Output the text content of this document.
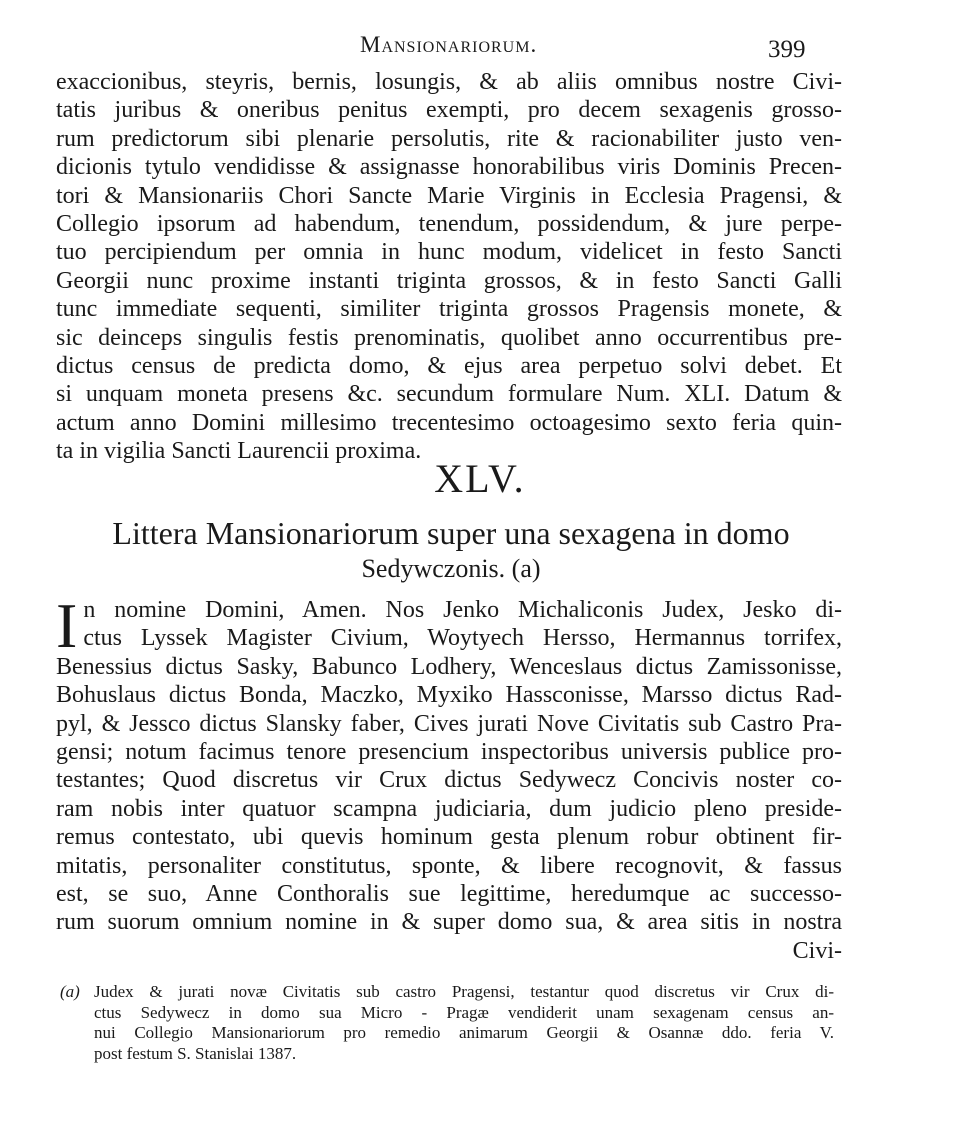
Mansionariorum.	399
exaccionibus, steyris, bernis, losungis, & ab aliis omnibus nostre Civi-
tatis juribus & oneribus penitus exempti, pro decem sexagenis grosso-
rum predictorum sibi plenarie persolutis, rite & racionabiliter justo ven-
dicionis tytulo vendidisse & assignasse honorabilibus viris Dominis Precen-
tori & Mansionariis Chori Sancte Marie Virginis in Ecclesia Pragensi, &
Collegio ipsorum ad habendum, tenendum, possidendum, & jure perpe-
tuo percipiendum per omnia in hunc modum, videlicet in festo Sancti
Georgii nunc proxime instanti triginta grossos, & in festo Sancti Galli
tunc immediate sequenti, similiter triginta grossos Pragensis monete, &
sic deinceps singulis festis prenominatis, quolibet anno occurrentibus pre-
dictus census de predicta domo, & ejus area perpetuo solvi debet. Et
si unquam moneta presens &c. secundum formulare Num. XLI. Datum &
actum anno Domini millesimo trecentesimo octoagesimo sexto feria quin-
ta in vigilia Sancti Laurencii proxima.
XLV.
Littera Mansionariorum super una sexagena in domo
Sedywczonis. (a)
I n nomine Domini, Amen. Nos Jenko Michaliconis Judex, Jesko di-
ctus Lyssek Magister Civium, Woytyech Hersso, Hermannus torrifex,
Benessius dictus Sasky, Babunco Lodhery, Wenceslaus dictus Zamissonisse,
Bohuslaus dictus Bonda, Maczko, Myxiko Hassconisse, Marsso dictus Rad-
pyl, & Jessco dictus Slansky faber, Cives jurati Nove Civitatis sub Castro Pra-
gensi; notum facimus tenore presencium inspectoribus universis publice pro-
testantes; Quod discretus vir Crux dictus Sedywecz Concivis noster co-
ram nobis inter quatuor scampna judiciaria, dum judicio pleno preside-
remus contestato, ubi quevis hominum gesta plenum robur obtinent fir-
mitatis, personaliter constitutus, sponte, & libere recognovit, & fassus
est, se suo, Anne Conthoralis sue legittime, heredumque ac successo-
rum suorum omnium nomine in & super domo sua, & area sitis in nostra
Civi-
(a) Judex & jurati novæ Civitatis sub castro Pragensi, testantur quod discretus vir Crux di-
ctus Sedywecz in domo sua Micro - Pragæ vendiderit unam sexagenam census an-
nui Collegio Mansionariorum pro remedio animarum Georgii & Osannæ ddo. feria V.
post festum S. Stanislai 1387.
